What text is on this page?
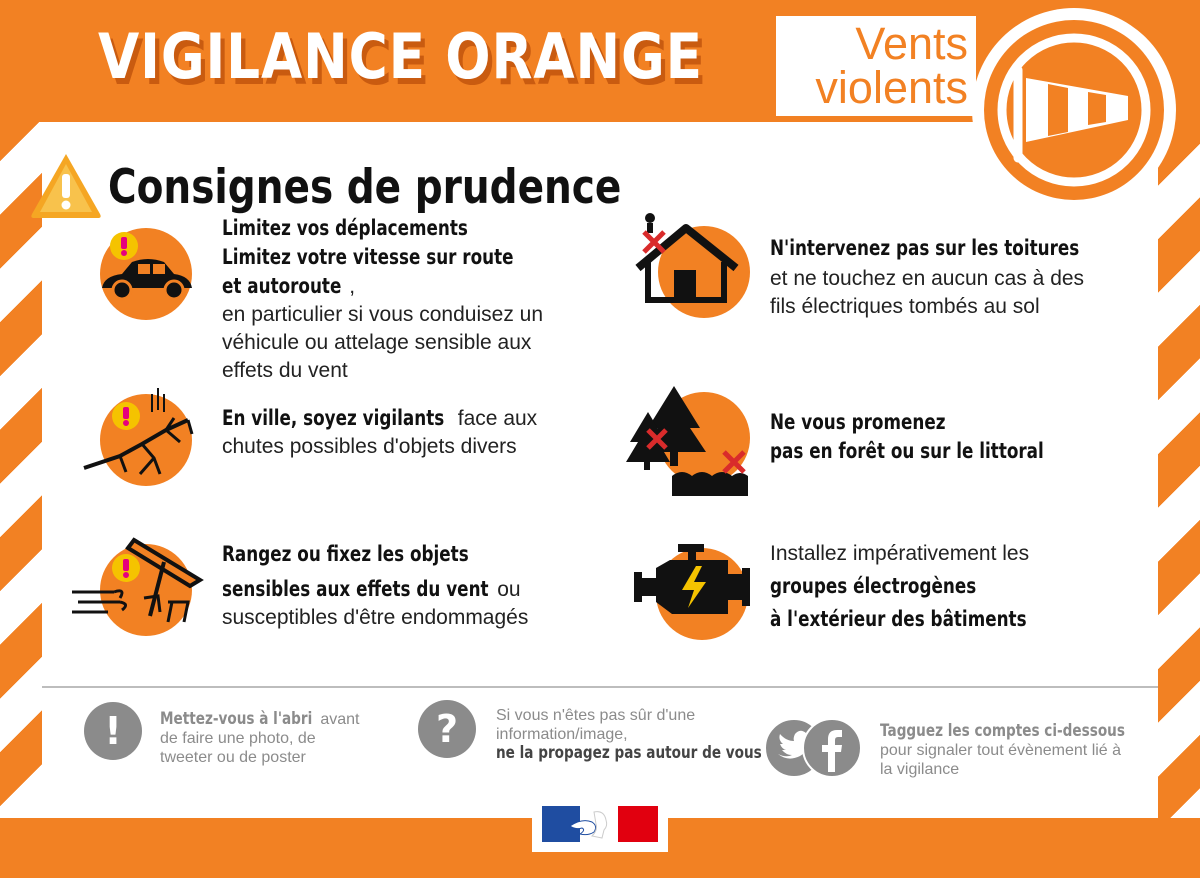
VIGILANCE ORANGE	Vents
violents
Consignes de prudence
Limitez vos déplacements
Limitez votre vitesse sur route
et autoroute ,
en particulier si vous conduisez un
véhicule ou attelage sensible aux
effets du vent
En ville, soyez vigilants face aux
chutes possibles d'objets divers
Rangez ou fixez les objets
sensibles aux effets du vent ou
susceptibles d'être endommagés
N'intervenez pas sur les toitures
et ne touchez en aucun cas à des
fils électriques tombés au sol
Ne vous promenez
pas en forêt ou sur le littoral
Installez impérativement les
groupes électrogènes
à l'extérieur des bâtiments
!	Mettez-vous à l'abri avant
de faire une photo, de
tweeter ou de poster
?	Si vous n'êtes pas sûr d'une
information/image,
ne la propagez pas autour de vous
Tagguez les comptes ci-dessous
pour signaler tout évènement lié à
la vigilance
